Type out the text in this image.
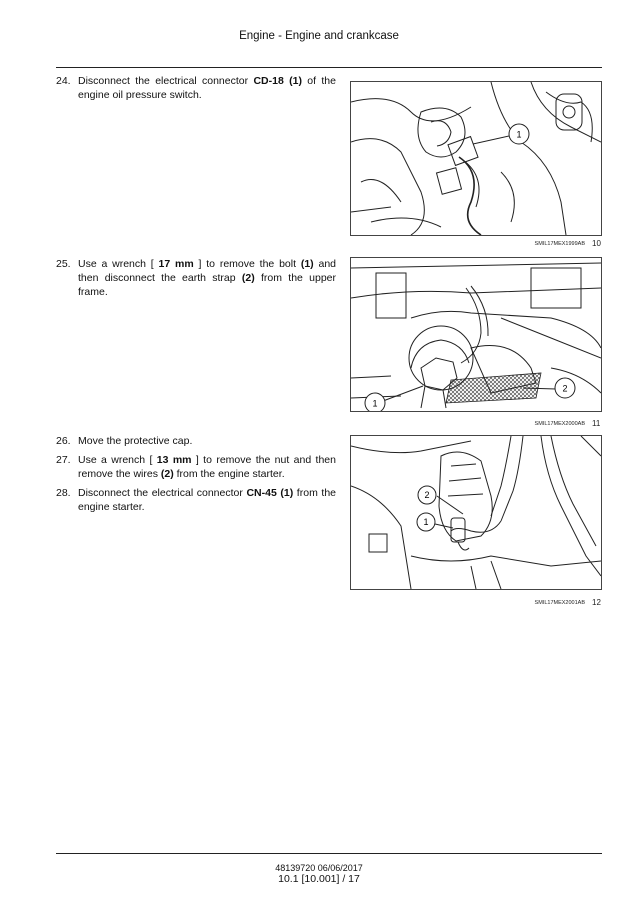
Engine - Engine and crankcase
24. Disconnect the electrical connector CD-18 (1) of the engine oil pressure switch.
1
SMIL17MEX1999AB 10
25. Use a wrench [ 17 mm ] to remove the bolt (1) and then disconnect the earth strap (2) from the upper frame.
1
2
SMIL17MEX2000AB 11
26. Move the protective cap.
27. Use a wrench [ 13 mm ] to remove the nut and then remove the wires (2) from the engine starter.
28. Disconnect the electrical connector CN-45 (1) from the engine starter.
2
1
SMIL17MEX2001AB 12
48139720 06/06/2017
10.1 [10.001] / 17
